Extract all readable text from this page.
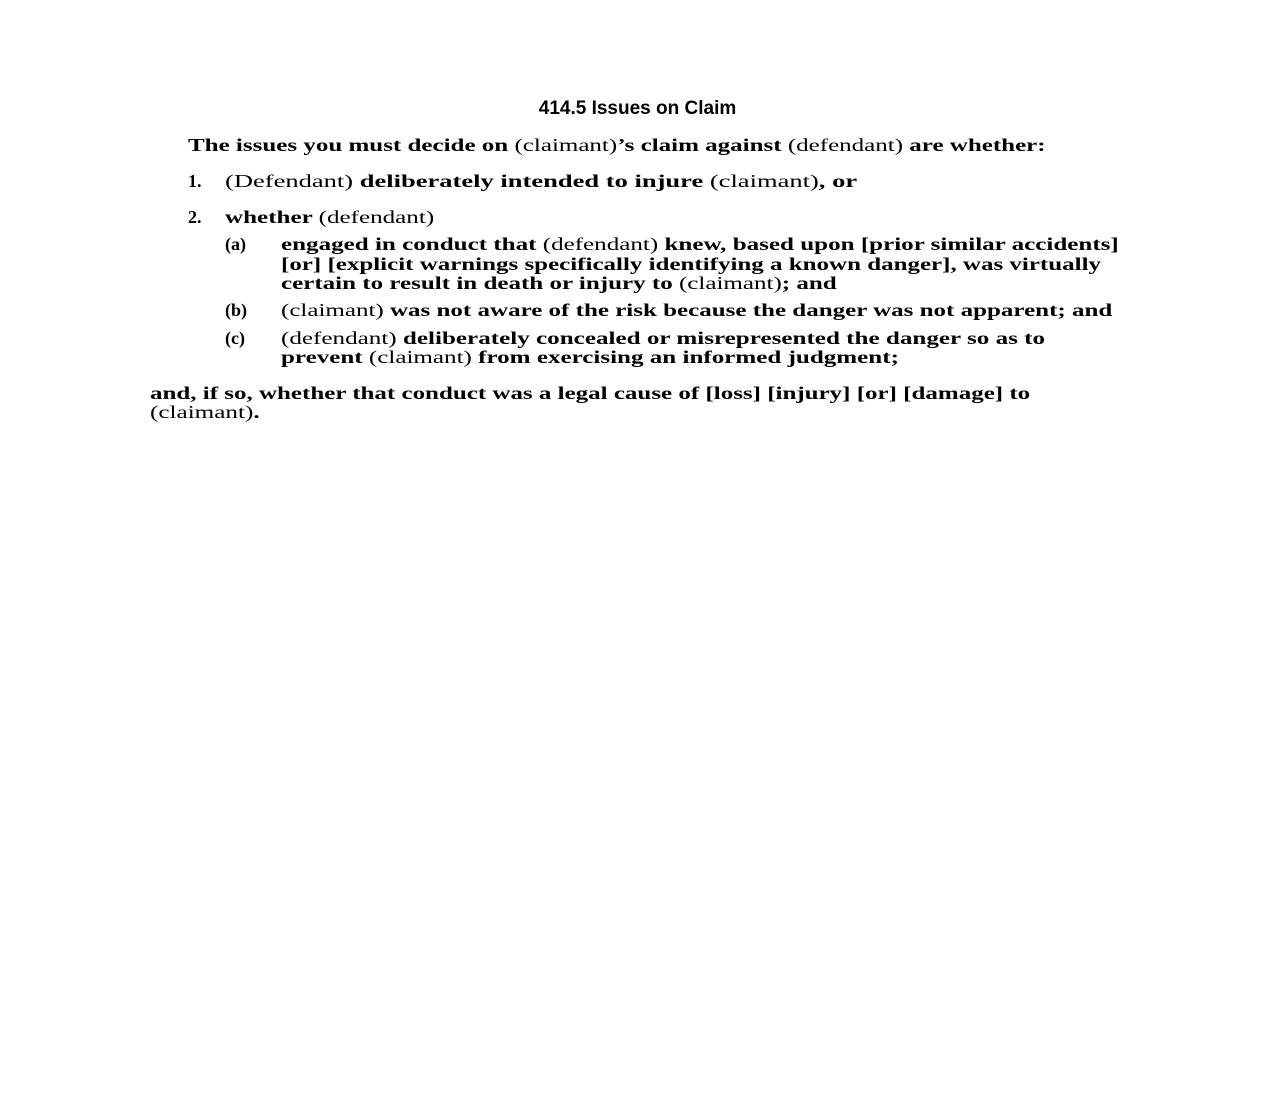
414.5 Issues on Claim
1.
2.
(a)
(b)
(c)
The issues you must decide on (claimant)’s claim against (defendant) are whether:
(Defendant) deliberately intended to injure (claimant), or
whether (defendant)
engaged in conduct that (defendant) knew, based upon [prior similar accidents]
[or] [explicit warnings specifically identifying a known danger], was virtually
certain to result in death or injury to (claimant); and
(claimant) was not aware of the risk because the danger was not apparent; and
(defendant) deliberately concealed or misrepresented the danger so as to
prevent (claimant) from exercising an informed judgment;
and, if so, whether that conduct was a legal cause of [loss] [injury] [or] [damage] to
(claimant).
